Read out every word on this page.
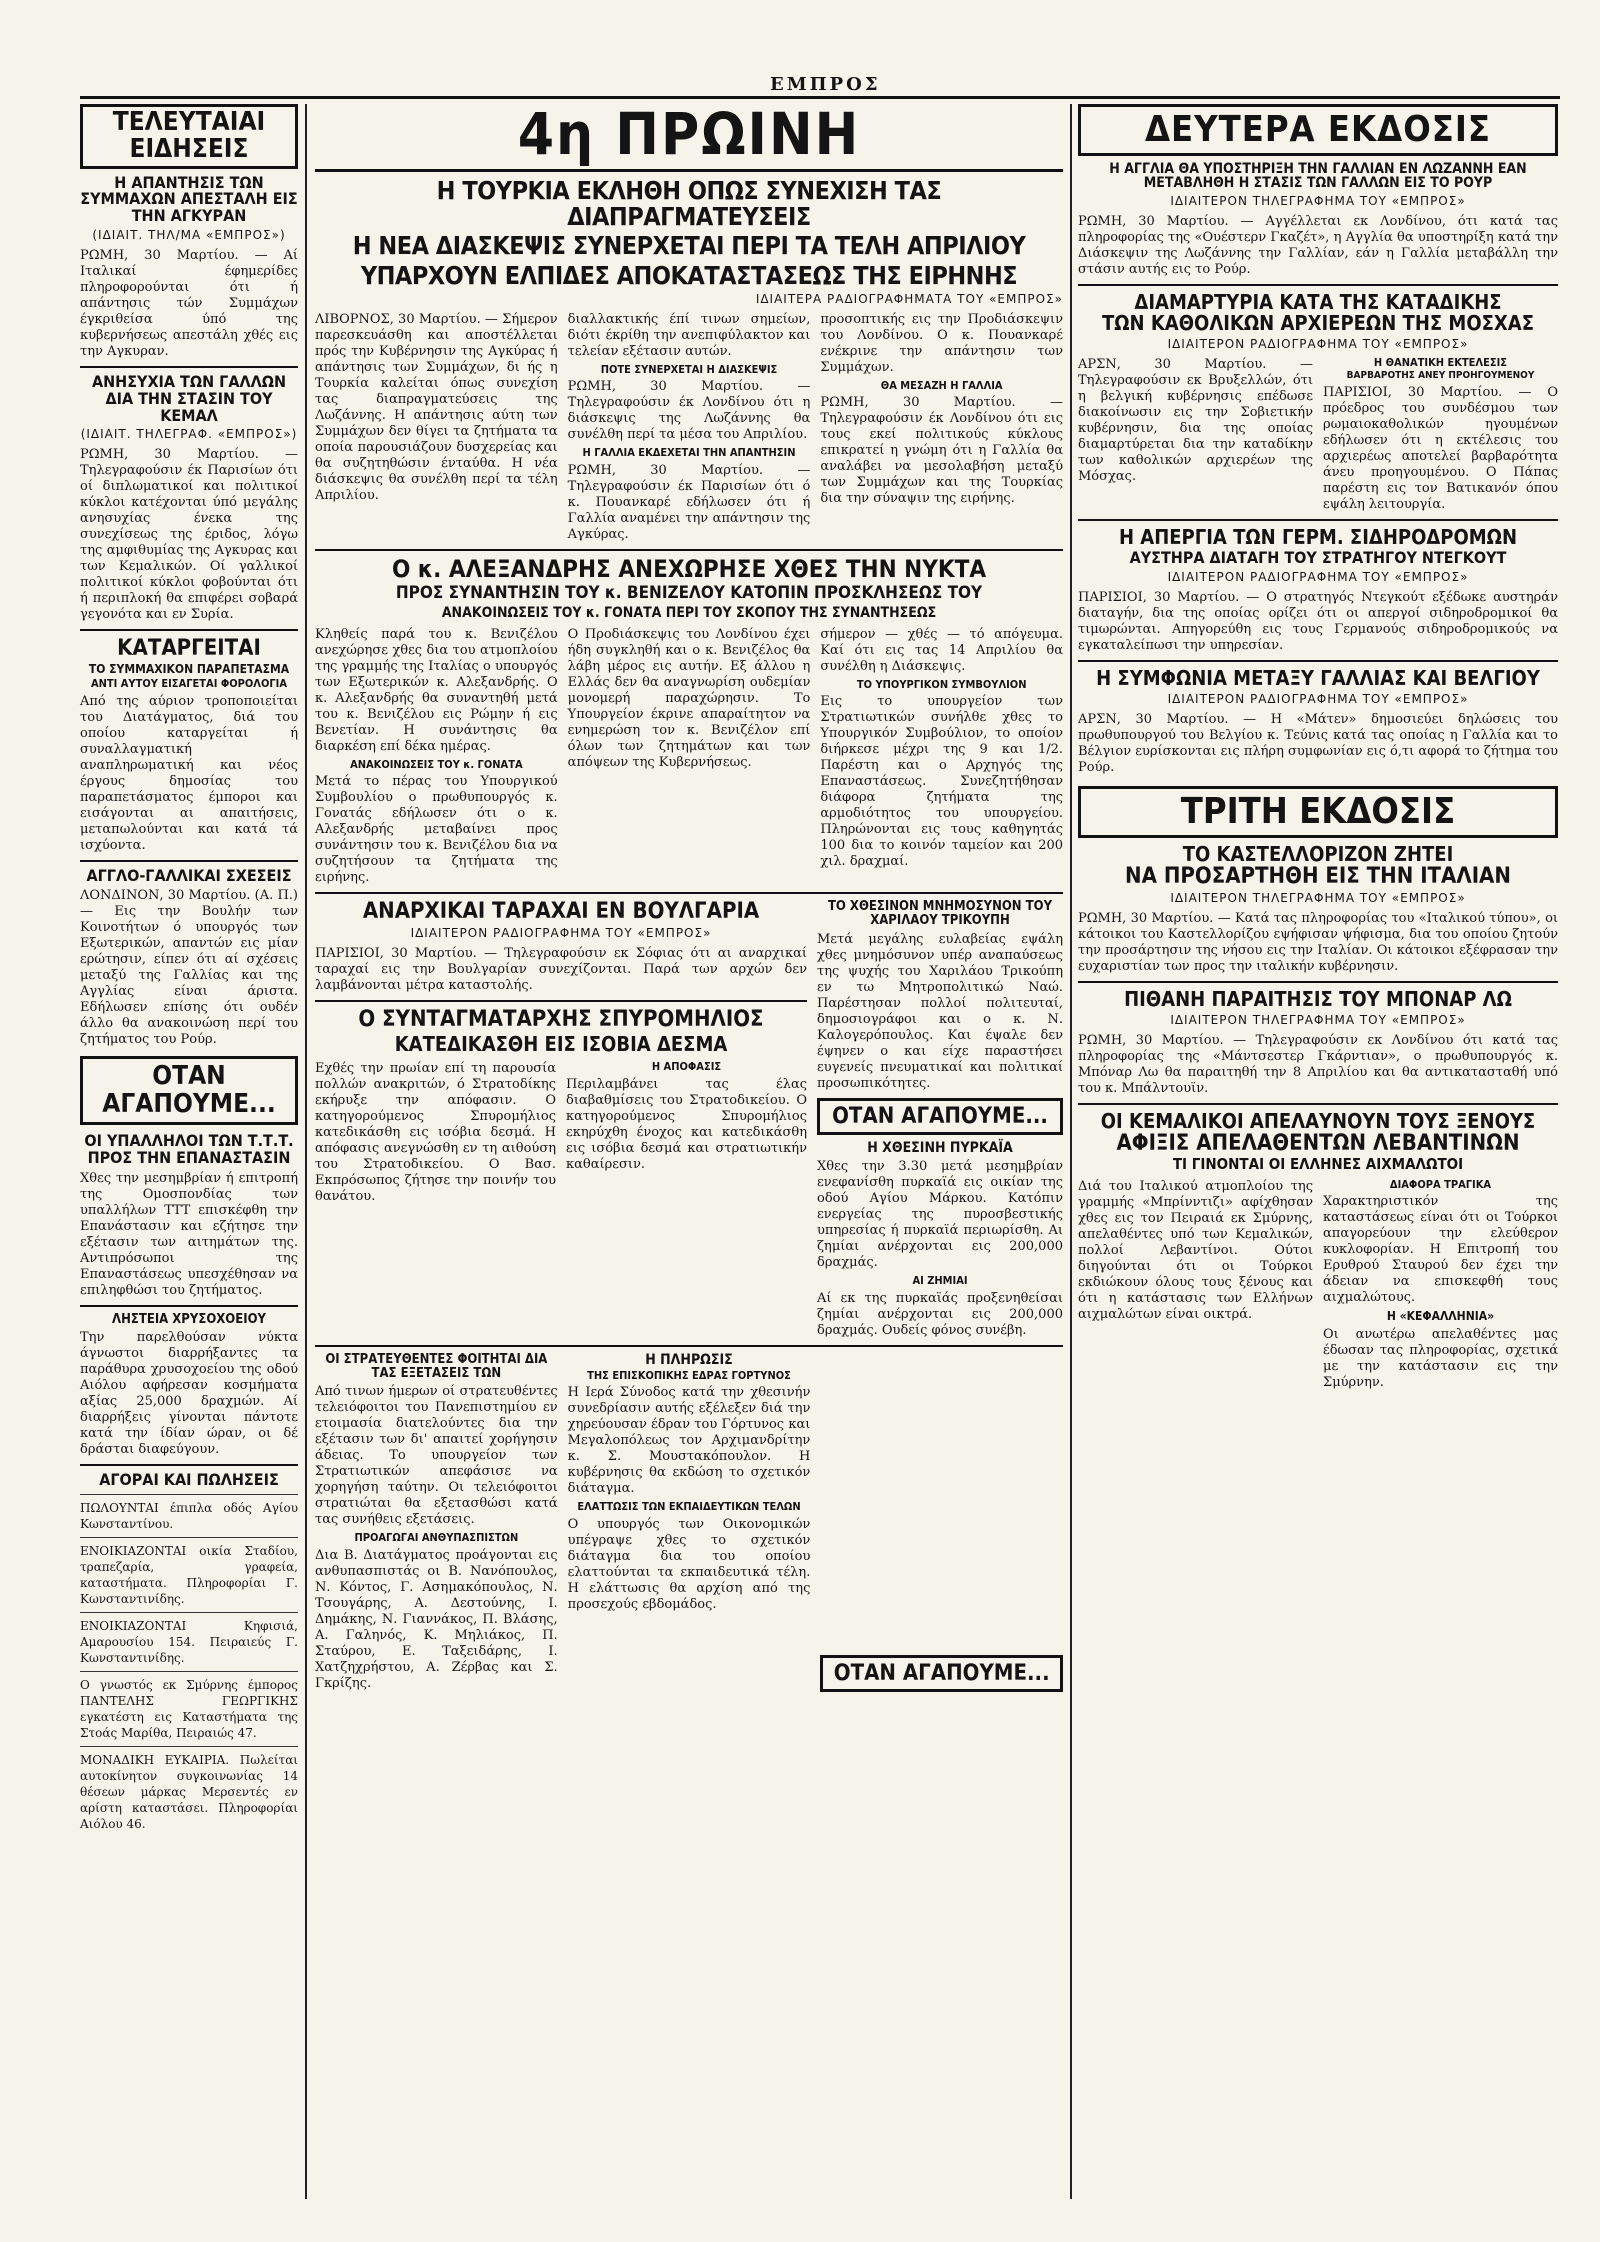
ΕΜΠΡΟΣ
ΤΕΛΕΥΤΑΙΑΙ ΕΙΔΗΣΕΙΣ
Η ΑΠΑΝΤΗΣΙΣ ΤΩΝ ΣΥΜΜΑΧΩΝ ΑΠΕΣΤΑΛΗ ΕΙΣ ΤΗΝ ΑΓΚΥΡΑΝ
(ΙΔΙΑΙΤ. ΤΗΛ/ΜΑ «ΕΜΠΡΟΣ»)
ΡΩΜΗ, 30 Μαρτίου. — Αί Ιταλικαί έφημερίδες πληροφορούνται ότι ή απάντησις τών Συμμάχων έγκριθείσα ύπό της κυβερνήσεως απεστάλη χθές εις την Αγκυραν.
ΑΝΗΣΥΧΙΑ ΤΩΝ ΓΑΛΛΩΝ ΔΙΑ ΤΗΝ ΣΤΑΣΙΝ ΤΟΥ ΚΕΜΑΛ
(ΙΔΙΑΙΤ. ΤΗΛΕΓΡΑΦ. «ΕΜΠΡΟΣ»)
ΡΩΜΗ, 30 Μαρτίου. — Τηλεγραφούσιν έκ Παρισίων ότι οί διπλωματικοί και πολιτικοί κύκλοι κατέχονται ύπό μεγάλης ανησυχίας ένεκα της συνεχίσεως της έριδος, λόγω της αμφιθυμίας της Αγκυρας και των Κεμαλικών. Οί γαλλικοί πολιτικοί κύκλοι φοβούνται ότι ή περιπλοκή θα επιφέρει σοβαρά γεγονότα και εν Συρία.
ΚΑΤΑΡΓΕΙΤΑΙ
ΤΟ ΣΥΜΜΑΧΙΚΟΝ ΠΑΡΑΠΕΤΑΣΜΑ
ΑΝΤΙ ΑΥΤΟΥ ΕΙΣΑΓΕΤΑΙ ΦΟΡΟΛΟΓΙΑ
Από της αύριον τροποποιείται του Διατάγματος, διά του οποίου καταργείται ή συναλλαγματική αναπληρωματική και νέος έργους δημοσίας του παραπετάσματος έμποροι και εισάγονται αι απαιτήσεις, μεταπωλούνται και κατά τά ισχύοντα.
ΑΓΓΛΟ-ΓΑΛΛΙΚΑΙ ΣΧΕΣΕΙΣ
ΛΟΝΔΙΝΟΝ, 30 Μαρτίου. (Α. Π.) — Εις την Βουλήν των Κοινοτήτων ό υπουργός των Εξωτερικών, απαντών εις μίαν ερώτησιν, είπεν ότι αί σχέσεις μεταξύ της Γαλλίας και της Αγγλίας είναι άριστα. Εδήλωσεν επίσης ότι ουδέν άλλο θα ανακοινώση περί του ζητήματος του Ρούρ.
ΟΤΑΝ ΑΓΑΠΟΥΜΕ...
ΟΙ ΥΠΑΛΛΗΛΟΙ ΤΩΝ Τ.Τ.Τ.
ΠΡΟΣ ΤΗΝ ΕΠΑΝΑΣΤΑΣΙΝ
Χθες την μεσημβρίαν ή επιτροπή της Ομοσπονδίας των υπαλλήλων ΤΤΤ επισκέφθη την Επανάστασιν και εζήτησε την εξέτασιν των αιτημάτων της. Αντιπρόσωποι της Επαναστάσεως υπεσχέθησαν να επιληφθώσι του ζητήματος.
ΛΗΣΤΕΙΑ ΧΡΥΣΟΧΟΕΙΟΥ
Την παρελθούσαν νύκτα άγνωστοι διαρρήξαντες τα παράθυρα χρυσοχοείου της οδού Αιόλου αφήρεσαν κοσμήματα αξίας 25,000 δραχμών. Αί διαρρήξεις γίνονται πάντοτε κατά την ίδίαν ώραν, οι δέ δράσται διαφεύγουν.
ΑΓΟΡΑΙ ΚΑΙ ΠΩΛΗΣΕΙΣ
ΠΩΛΟΥΝΤΑΙ έπιπλα οδός Αγίου Κωνσταντίνου.
ΕΝΟΙΚΙΑΖΟΝΤΑΙ οικία Σταδίου, τραπεζαρία, γραφεία, καταστήματα. Πληροφορίαι Γ. Κωνσταντινίδης.
ΕΝΟΙΚΙΑΖΟΝΤΑΙ Κηφισιά, Αμαρουσίου 154. Πειραιεύς Γ. Κωνσταντινίδης.
Ο γνωστός εκ Σμύρνης έμπορος ΠΑΝΤΕΛΗΣ ΓΕΩΡΓΙΚΗΣ εγκατέστη εις Καταστήματα της Στοάς Μαρίθα, Πειραιώς 47.
ΜΟΝΑΔΙΚΗ ΕΥΚΑΙΡΙΑ. Πωλείται αυτοκίνητον συγκοινωνίας 14 θέσεων μάρκας Μερσεντές εν αρίστη καταστάσει. Πληροφορίαι Αιόλου 46.
4η ΠΡΩΙΝΗ
Η ΤΟΥΡΚΙΑ ΕΚΛΗΘΗ ΟΠΩΣ ΣΥΝΕΧΙΣΗ ΤΑΣ ΔΙΑΠΡΑΓΜΑΤΕΥΣΕΙΣ
Η ΝΕΑ ΔΙΑΣΚΕΨΙΣ ΣΥΝΕΡΧΕΤΑΙ ΠΕΡΙ ΤΑ ΤΕΛΗ ΑΠΡΙΛΙΟΥ
ΥΠΑΡΧΟΥΝ ΕΛΠΙΔΕΣ ΑΠΟΚΑΤΑΣΤΑΣΕΩΣ ΤΗΣ ΕΙΡΗΝΗΣ
ΙΔΙΑΙΤΕΡΑ ΡΑΔΙΟΓΡΑΦΗΜΑΤΑ ΤΟΥ «ΕΜΠΡΟΣ»
ΛΙΒΟΡΝΟΣ, 30 Μαρτίου. — Σήμερον παρεσκευάσθη και αποστέλλεται πρός την Κυβέρνησιν της Αγκύρας ή απάντησις των Συμμάχων, δι ής η Τουρκία καλείται όπως συνεχίση τας διαπραγματεύσεις της Λωζάννης. Η απάντησις αύτη των Συμμάχων δεν θίγει τα ζητήματα τα οποία παρουσιάζουν δυσχερείας και θα συζητηθώσιν ένταύθα. Η νέα διάσκεψις θα συνέλθη περί τα τέλη Απριλίου.
διαλλακτικής έπί τινων σημείων, διότι έκρίθη την ανεπιφύλακτον και τελείαν εξέτασιν αυτών.
ΠΟΤΕ ΣΥΝΕΡΧΕΤΑΙ Η ΔΙΑΣΚΕΨΙΣ
ΡΩΜΗ, 30 Μαρτίου. — Τηλεγραφούσιν έκ Λονδίνου ότι η διάσκεψις της Λωζάννης θα συνέλθη περί τα μέσα του Απριλίου.
Η ΓΑΛΛΙΑ ΕΚΔΕΧΕΤΑΙ ΤΗΝ ΑΠΑΝΤΗΣΙΝ
ΡΩΜΗ, 30 Μαρτίου. — Τηλεγραφούσιν έκ Παρισίων ότι ό κ. Πουανκαρέ εδήλωσεν ότι ή Γαλλία αναμένει την απάντησιν της Αγκύρας.
προσοπτικής εις την Προδιάσκεψιν του Λονδίνου. Ο κ. Πουανκαρέ ενέκρινε την απάντησιν των Συμμάχων.
ΘΑ ΜΕΣΑΖΗ Η ΓΑΛΛΙΑ
ΡΩΜΗ, 30 Μαρτίου. — Τηλεγραφούσιν έκ Λονδίνου ότι εις τους εκεί πολιτικούς κύκλους επικρατεί η γνώμη ότι η Γαλλία θα αναλάβει να μεσολαβήση μεταξύ των Συμμάχων και της Τουρκίας δια την σύναψιν της ειρήνης.
Ο κ. ΑΛΕΞΑΝΔΡΗΣ ΑΝΕΧΩΡΗΣΕ ΧΘΕΣ ΤΗΝ ΝΥΚΤΑ
ΠΡΟΣ ΣΥΝΑΝΤΗΣΙΝ ΤΟΥ κ. ΒΕΝΙΖΕΛΟΥ ΚΑΤΟΠΙΝ ΠΡΟΣΚΛΗΣΕΩΣ ΤΟΥ
ΑΝΑΚΟΙΝΩΣΕΙΣ ΤΟΥ κ. ΓΟΝΑΤΑ ΠΕΡΙ ΤΟΥ ΣΚΟΠΟΥ ΤΗΣ ΣΥΝΑΝΤΗΣΕΩΣ
Κληθείς παρά του κ. Βενιζέλου ανεχώρησε χθες δια του ατμοπλοίου της γραμμής της Ιταλίας ο υπουργός των Εξωτερικών κ. Αλεξανδρής. Ο κ. Αλεξανδρής θα συναντηθή μετά του κ. Βενιζέλου εις Ρώμην ή εις Βενετίαν. Η συνάντησις θα διαρκέση επί δέκα ημέρας.
ΑΝΑΚΟΙΝΩΣΕΙΣ ΤΟΥ κ. ΓΟΝΑΤΑ
Μετά το πέρας του Υπουργικού Συμβουλίου ο πρωθυπουργός κ. Γονατάς εδήλωσεν ότι ο κ. Αλεξανδρής μεταβαίνει προς συνάντησιν του κ. Βενιζέλου δια να συζητήσουν τα ζητήματα της ειρήνης.
Ο Προδιάσκεψις του Λονδίνου έχει ήδη συγκληθή και ο κ. Βενιζέλος θα λάβη μέρος εις αυτήν. Εξ άλλου η Ελλάς δεν θα αναγνωρίση ουδεμίαν μονομερή παραχώρησιν. Το Υπουργείον έκρινε απαραίτητον να ενημερώση τον κ. Βενιζέλον επί όλων των ζητημάτων και των απόψεων της Κυβερνήσεως.
σήμερον — χθές — τό απόγευμα. Καί ότι εις τας 14 Απριλίου θα συνέλθη η Διάσκεψις.
ΤΟ ΥΠΟΥΡΓΙΚΟΝ ΣΥΜΒΟΥΛΙΟΝ
Εις το υπουργείον των Στρατιωτικών συνήλθε χθες το Υπουργικόν Συμβούλιον, το οποίον διήρκεσε μέχρι της 9 και 1/2. Παρέστη και ο Αρχηγός της Επαναστάσεως. Συνεζητήθησαν διάφορα ζητήματα της αρμοδιότητος του υπουργείου. Πληρώνονται εις τους καθηγητάς 100 δια το κοινόν ταμείον και 200 χιλ. δραχμαί.
ΑΝΑΡΧΙΚΑΙ ΤΑΡΑΧΑΙ ΕΝ ΒΟΥΛΓΑΡΙΑ
ΙΔΙΑΙΤΕΡΟΝ ΡΑΔΙΟΓΡΑΦΗΜΑ ΤΟΥ «ΕΜΠΡΟΣ»
ΠΑΡΙΣΙΟΙ, 30 Μαρτίου. — Τηλεγραφούσιν εκ Σόφιας ότι αι αναρχικαί ταραχαί εις την Βουλγαρίαν συνεχίζονται. Παρά των αρχών δεν λαμβάνονται μέτρα καταστολής.
Ο ΣΥΝΤΑΓΜΑΤΑΡΧΗΣ ΣΠΥΡΟΜΗΛΙΟΣ
ΚΑΤΕΔΙΚΑΣΘΗ ΕΙΣ ΙΣΟΒΙΑ ΔΕΣΜΑ
Εχθές την πρωίαν επί τη παρουσία πολλών ανακριτών, ό Στρατοδίκης εκήρυξε την απόφασιν. Ο κατηγορούμενος Σπυρομήλιος κατεδικάσθη εις ισόβια δεσμά. Η απόφασις ανεγνώσθη εν τη αιθούση του Στρατοδικείου. Ο Βασ. Εκπρόσωπος ζήτησε την ποινήν του θανάτου.
Η ΑΠΟΦΑΣΙΣ
Περιλαμβάνει τας έλας διαβαθμίσεις του Στρατοδικείου. Ο κατηγορούμενος Σπυρομήλιος εκηρύχθη ένοχος και κατεδικάσθη εις ισόβια δεσμά και στρατιωτικήν καθαίρεσιν.
ΤΟ ΧΘΕΣΙΝΟΝ ΜΝΗΜΟΣΥΝΟΝ ΤΟΥ ΧΑΡΙΛΑΟΥ ΤΡΙΚΟΥΠΗ
Μετά μεγάλης ευλαβείας εψάλη χθες μνημόσυνον υπέρ αναπαύσεως της ψυχής του Χαριλάου Τρικούπη εν τω Μητροπολιτικώ Ναώ. Παρέστησαν πολλοί πολιτευταί, δημοσιογράφοι και ο κ. Ν. Καλογερόπουλος. Και έψαλε δεν έψηνεν ο και είχε παραστήσει ευγενείς πνευματικαί και πολιτικαί προσωπικότητες.
ΟΤΑΝ ΑΓΑΠΟΥΜΕ...
Η ΧΘΕΣΙΝΗ ΠΥΡΚΑΪΑ
Χθες την 3.30 μετά μεσημβρίαν ενεφανίσθη πυρκαϊά εις οικίαν της οδού Αγίου Μάρκου. Κατόπιν ενεργείας της πυροσβεστικής υπηρεσίας ή πυρκαϊά περιωρίσθη. Αι ζημίαι ανέρχονται εις 200,000 δραχμάς.
ΑΙ ΖΗΜΙΑΙ
Αί εκ της πυρκαϊάς προξενηθείσαι ζημίαι ανέρχονται εις 200,000 δραχμάς. Ουδείς φόνος συνέβη.
ΟΙ ΣΤΡΑΤΕΥΘΕΝΤΕΣ ΦΟΙΤΗΤΑΙ ΔΙΑ ΤΑΣ ΕΞΕΤΑΣΕΙΣ ΤΩΝ
Από τινων ήμερων οί στρατευθέντες τελειόφοιτοι του Πανεπιστημίου εν ετοιμασία διατελούντες δια την εξέτασιν των δι' απαιτεί χορήγησιν άδειας. Το υπουργείον των Στρατιωτικών απεφάσισε να χορηγήση ταύτην. Οι τελειόφοιτοι στρατιώται θα εξετασθώσι κατά τας συνήθεις εξετάσεις.
ΠΡΟΑΓΩΓΑΙ ΑΝΘΥΠΑΣΠΙΣΤΩΝ
Δια Β. Διατάγματος προάγονται εις ανθυπασπιστάς οι Β. Νανόπουλος, Ν. Κόντος, Γ. Ασημακόπουλος, Ν. Τσουγάρης, Α. Δεστούνης, Ι. Δημάκης, Ν. Γιαννάκος, Π. Βλάσης, Α. Γαληνός, Κ. Μηλιάκος, Π. Σταύρου, Ε. Ταξειδάρης, Ι. Χατζηχρήστου, Α. Ζέρβας και Σ. Γκρίζης.
Η ΠΛΗΡΩΣΙΣ
ΤΗΣ ΕΠΙΣΚΟΠΙΚΗΣ ΕΔΡΑΣ ΓΟΡΤΥΝΟΣ
Η Ιερά Σύνοδος κατά την χθεσινήν συνεδρίασιν αυτής εξέλεξεν διά την χηρεύουσαν έδραν του Γόρτυνος και Μεγαλοπόλεως τον Αρχιμανδρίτην κ. Σ. Μουστακόπουλον. Η κυβέρνησις θα εκδώση το σχετικόν διάταγμα.
ΕΛΑΤΤΩΣΙΣ ΤΩΝ ΕΚΠΑΙΔΕΥΤΙΚΩΝ ΤΕΛΩΝ
Ο υπουργός των Οικονομικών υπέγραψε χθες το σχετικόν διάταγμα δια του οποίου ελαττούνται τα εκπαιδευτικά τέλη. Η ελάττωσις θα αρχίση από της προσεχούς εβδομάδος.
ΟΤΑΝ ΑΓΑΠΟΥΜΕ...
ΔΕΥΤΕΡΑ ΕΚΔΟΣΙΣ
Η ΑΓΓΛΙΑ ΘΑ ΥΠΟΣΤΗΡΙΞΗ ΤΗΝ ΓΑΛΛΙΑΝ ΕΝ ΛΩΖΑΝΝΗ ΕΑΝ ΜΕΤΑΒΛΗΘΗ Η ΣΤΑΣΙΣ ΤΩΝ ΓΑΛΛΩΝ ΕΙΣ ΤΟ ΡΟΥΡ
ΙΔΙΑΙΤΕΡΟΝ ΤΗΛΕΓΡΑΦΗΜΑ ΤΟΥ «ΕΜΠΡΟΣ»
ΡΩΜΗ, 30 Μαρτίου. — Αγγέλλεται εκ Λονδίνου, ότι κατά τας πληροφορίας της «Ουέστερν Γκαζέτ», η Αγγλία θα υποστηρίξη κατά την Διάσκεψιν της Λωζάννης την Γαλλίαν, εάν η Γαλλία μεταβάλλη την στάσιν αυτής εις το Ρούρ.
ΔΙΑΜΑΡΤΥΡΙΑ ΚΑΤΑ ΤΗΣ ΚΑΤΑΔΙΚΗΣ
ΤΩΝ ΚΑΘΟΛΙΚΩΝ ΑΡΧΙΕΡΕΩΝ ΤΗΣ ΜΟΣΧΑΣ
ΙΔΙΑΙΤΕΡΟΝ ΡΑΔΙΟΓΡΑΦΗΜΑ ΤΟΥ «ΕΜΠΡΟΣ»
ΑΡΣΝ, 30 Μαρτίου. — Τηλεγραφούσιν εκ Βρυξελλών, ότι η βελγική κυβέρνησις επέδωσε διακοίνωσιν εις την Σοβιετικήν κυβέρνησιν, δια της οποίας διαμαρτύρεται δια την καταδίκην των καθολικών αρχιερέων της Μόσχας.
Η ΘΑΝΑΤΙΚΗ ΕΚΤΕΛΕΣΙΣ
ΒΑΡΒΑΡΟΤΗΣ ΑΝΕΥ ΠΡΟΗΓΟΥΜΕΝΟΥ
ΠΑΡΙΣΙΟΙ, 30 Μαρτίου. — Ο πρόεδρος του συνδέσμου των ρωμαιοκαθολικών ηγουμένων εδήλωσεν ότι η εκτέλεσις του αρχιερέως αποτελεί βαρβαρότητα άνευ προηγουμένου. Ο Πάπας παρέστη εις τον Βατικανόν όπου εψάλη λειτουργία.
Η ΑΠΕΡΓΙΑ ΤΩΝ ΓΕΡΜ. ΣΙΔΗΡΟΔΡΟΜΩΝ
ΑΥΣΤΗΡΑ ΔΙΑΤΑΓΗ ΤΟΥ ΣΤΡΑΤΗΓΟΥ ΝΤΕΓΚΟΥΤ
ΙΔΙΑΙΤΕΡΟΝ ΡΑΔΙΟΓΡΑΦΗΜΑ ΤΟΥ «ΕΜΠΡΟΣ»
ΠΑΡΙΣΙΟΙ, 30 Μαρτίου. — Ο στρατηγός Ντεγκούτ εξέδωκε αυστηράν διαταγήν, δια της οποίας ορίζει ότι οι απεργοί σιδηροδρομικοί θα τιμωρώνται. Απηγορεύθη εις τους Γερμανούς σιδηροδρομικούς να εγκαταλείπωσι την υπηρεσίαν.
Η ΣΥΜΦΩΝΙΑ ΜΕΤΑΞΥ ΓΑΛΛΙΑΣ ΚΑΙ ΒΕΛΓΙΟΥ
ΙΔΙΑΙΤΕΡΟΝ ΡΑΔΙΟΓΡΑΦΗΜΑ ΤΟΥ «ΕΜΠΡΟΣ»
ΑΡΣΝ, 30 Μαρτίου. — Η «Μάτεν» δημοσιεύει δηλώσεις του πρωθυπουργού του Βελγίου κ. Τεύνις κατά τας οποίας η Γαλλία και το Βέλγιον ευρίσκονται εις πλήρη συμφωνίαν εις ό,τι αφορά το ζήτημα του Ρούρ.
ΤΡΙΤΗ ΕΚΔΟΣΙΣ
ΤΟ ΚΑΣΤΕΛΛΟΡΙΖΟΝ ΖΗΤΕΙ
ΝΑ ΠΡΟΣΑΡΤΗΘΗ ΕΙΣ ΤΗΝ ΙΤΑΛΙΑΝ
ΙΔΙΑΙΤΕΡΟΝ ΤΗΛΕΓΡΑΦΗΜΑ ΤΟΥ «ΕΜΠΡΟΣ»
ΡΩΜΗ, 30 Μαρτίου. — Κατά τας πληροφορίας του «Ιταλικού τύπου», οι κάτοικοι του Καστελλορίζου εψήφισαν ψήφισμα, δια του οποίου ζητούν την προσάρτησιν της νήσου εις την Ιταλίαν. Οι κάτοικοι εξέφρασαν την ευχαριστίαν των προς την ιταλικήν κυβέρνησιν.
ΠΙΘΑΝΗ ΠΑΡΑΙΤΗΣΙΣ ΤΟΥ ΜΠΟΝΑΡ ΛΩ
ΙΔΙΑΙΤΕΡΟΝ ΤΗΛΕΓΡΑΦΗΜΑ ΤΟΥ «ΕΜΠΡΟΣ»
ΡΩΜΗ, 30 Μαρτίου. — Τηλεγραφούσιν εκ Λονδίνου ότι κατά τας πληροφορίας της «Μάντσεστερ Γκάρντιαν», ο πρωθυπουργός κ. Μπόναρ Λω θα παραιτηθή την 8 Απριλίου και θα αντικατασταθή υπό του κ. Μπάλντουϊν.
ΟΙ ΚΕΜΑΛΙΚΟΙ ΑΠΕΛΑΥΝΟΥΝ ΤΟΥΣ ΞΕΝΟΥΣ
ΑΦΙΞΙΣ ΑΠΕΛΑΘΕΝΤΩΝ ΛΕΒΑΝΤΙΝΩΝ
ΤΙ ΓΙΝΟΝΤΑΙ ΟΙ ΕΛΛΗΝΕΣ ΑΙΧΜΑΛΩΤΟΙ
Διά του Ιταλικού ατμοπλοίου της γραμμής «Μπρίνντιζι» αφίχθησαν χθες εις τον Πειραιά εκ Σμύρνης, απελαθέντες υπό των Κεμαλικών, πολλοί Λεβαντίνοι. Ούτοι διηγούνται ότι οι Τούρκοι εκδιώκουν όλους τους ξένους και ότι η κατάστασις των Ελλήνων αιχμαλώτων είναι οικτρά.
ΔΙΑΦΟΡΑ ΤΡΑΓΙΚΑ
Χαρακτηριστικόν της καταστάσεως είναι ότι οι Τούρκοι απαγορεύουν την ελεύθερον κυκλοφορίαν. Η Επιτροπή του Ερυθρού Σταυρού δεν έχει την άδειαν να επισκεφθή τους αιχμαλώτους.
Η «ΚΕΦΑΛΛΗΝΙΑ»
Οι ανωτέρω απελαθέντες μας έδωσαν τας πληροφορίας, σχετικά με την κατάστασιν εις την Σμύρνην.
